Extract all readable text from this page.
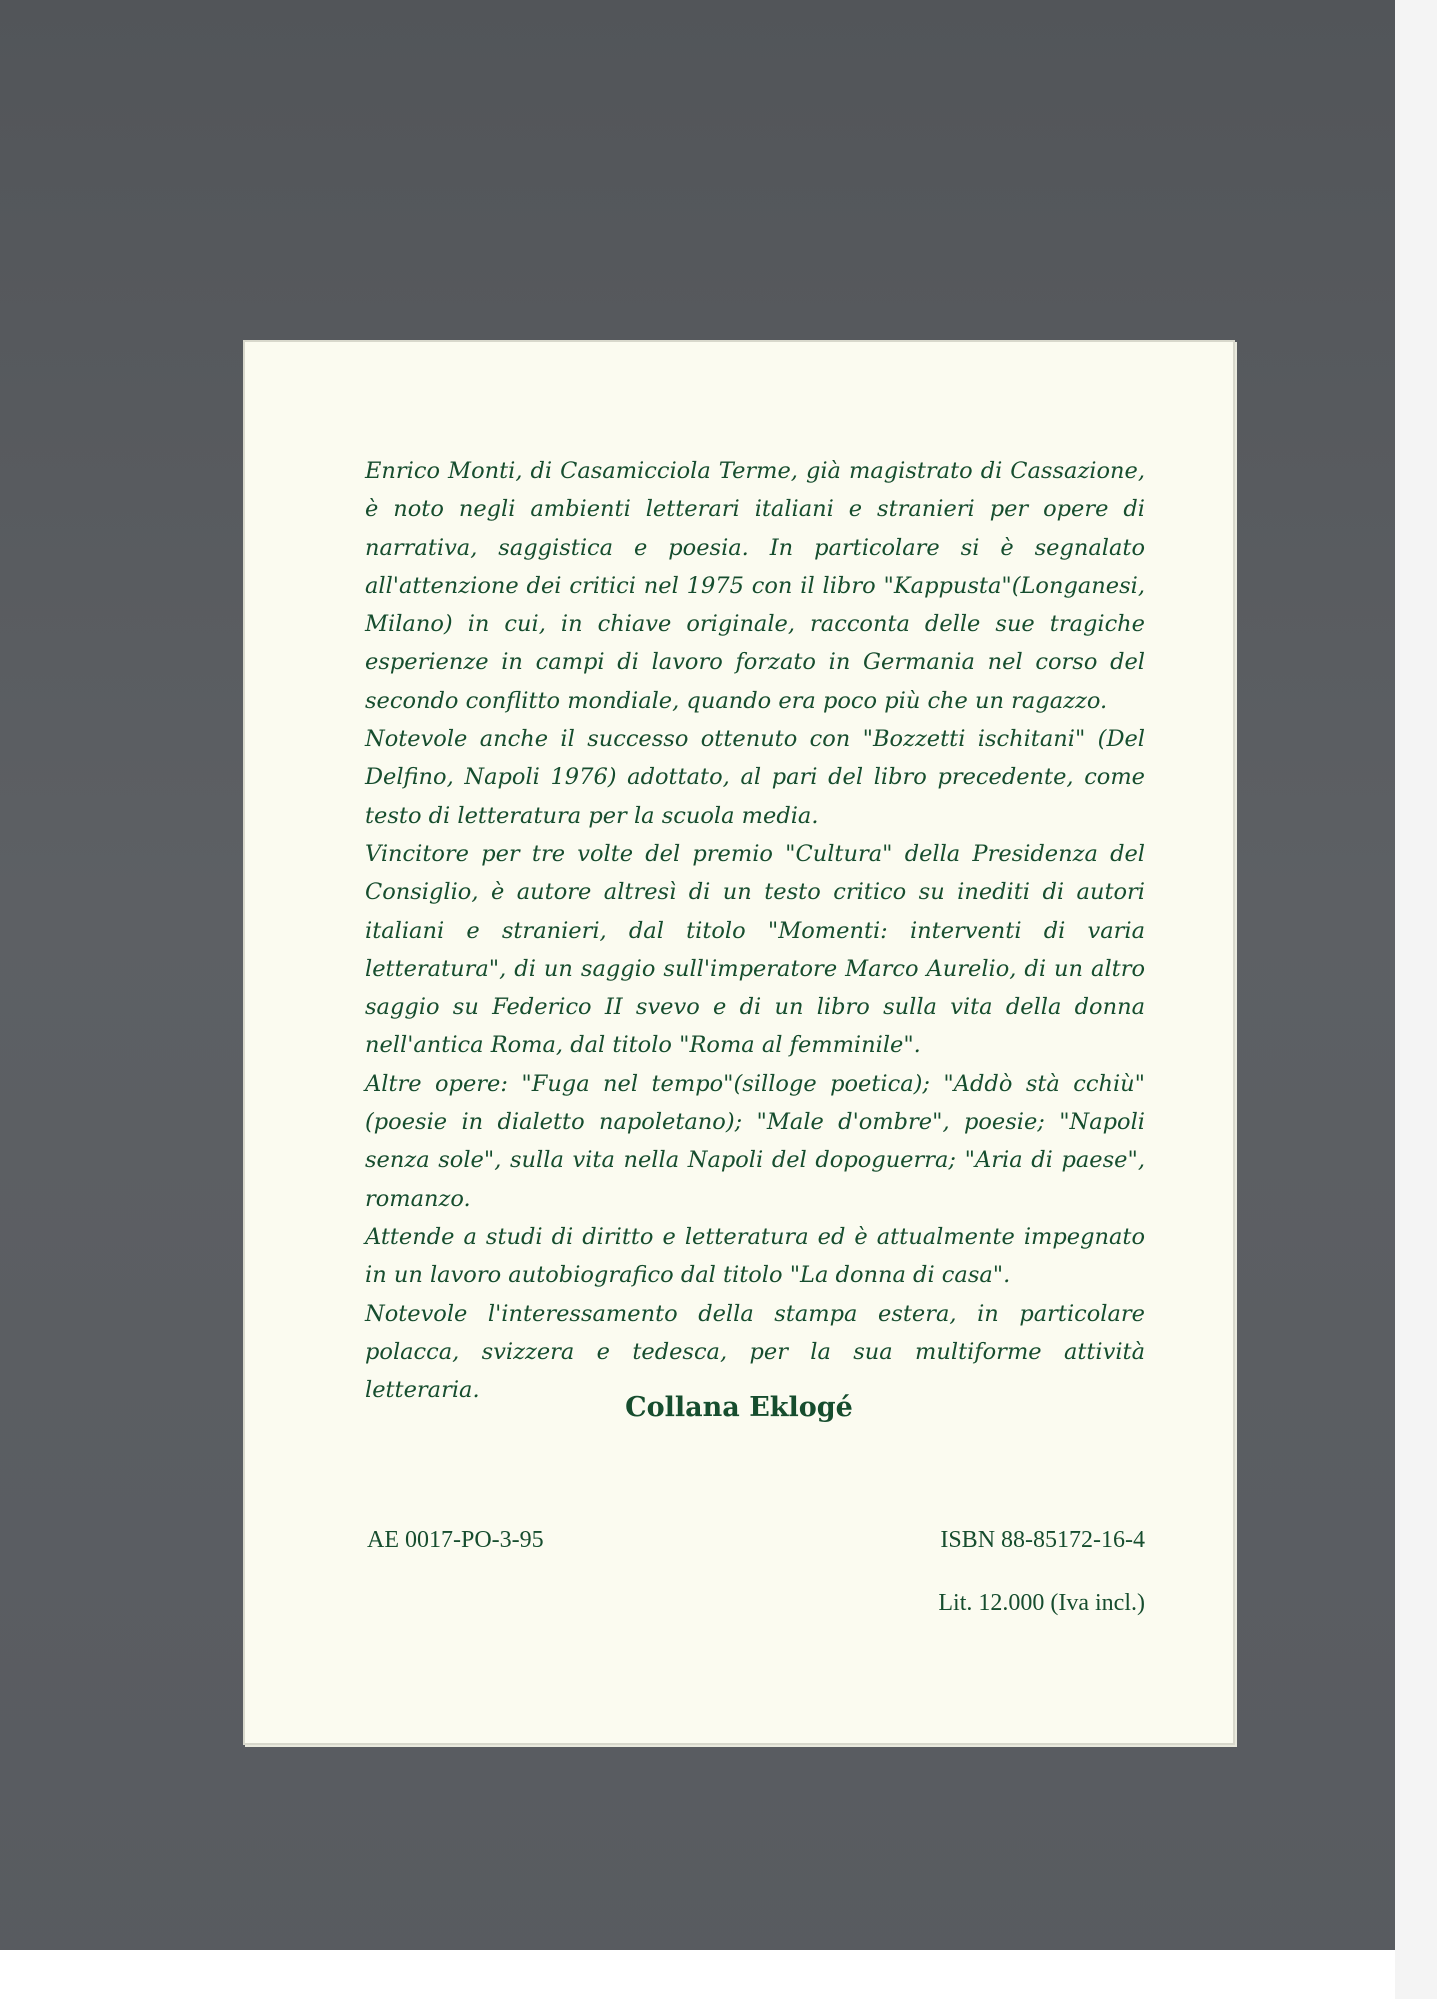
Enrico Monti, di Casamicciola Terme, già magistrato di Cassazione, è noto negli ambienti letterari italiani e stranieri per opere di narrativa, saggistica e poesia. In particolare si è segnalato all'attenzione dei critici nel 1975 con il libro "Kappusta"(Longanesi, Milano) in cui, in chiave originale, racconta delle sue tragiche esperienze in campi di lavoro forzato in Germania nel corso del secondo conflitto mondiale, quando era poco più che un ragazzo.

Notevole anche il successo ottenuto con "Bozzetti ischitani" (Del Delfino, Napoli 1976) adottato, al pari del libro precedente, come testo di letteratura per la scuola media.

Vincitore per tre volte del premio "Cultura" della Presidenza del Consiglio, è autore altresì di un testo critico su inediti di autori italiani e stranieri, dal titolo "Momenti: interventi di varia letteratura", di un saggio sull'imperatore Marco Aurelio, di un altro saggio su Federico II svevo e di un libro sulla vita della donna nell'antica Roma, dal titolo "Roma al femminile".

Altre opere: "Fuga nel tempo"(silloge poetica); "Addò stà cchiù" (poesie in dialetto napoletano); "Male d'ombre", poesie; "Napoli senza sole", sulla vita nella Napoli del dopoguerra; "Aria di paese", romanzo.

Attende a studi di diritto e letteratura ed è attualmente impegnato in un lavoro autobiografico dal titolo "La donna di casa".

Notevole l'interessamento della stampa estera, in particolare polacca, svizzera e tedesca, per la sua multiforme attività letteraria.

Collana Eklogé
AE 0017-PO-3-95	ISBN 88-85172-16-4
Lit. 12.000 (Iva incl.)
